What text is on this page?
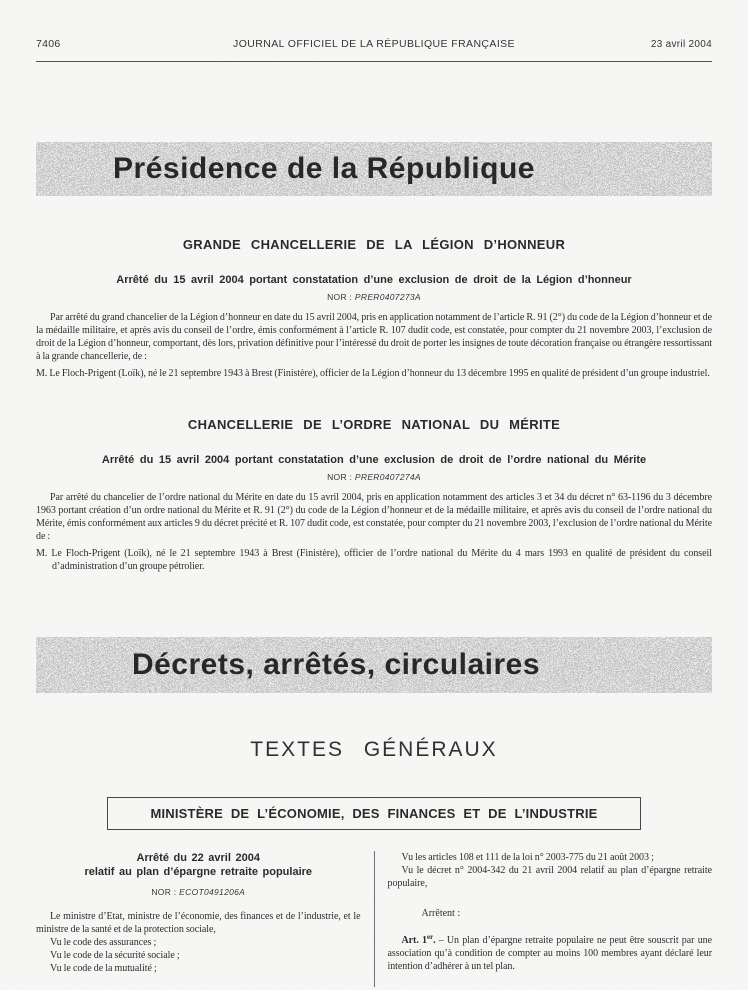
7406	JOURNAL OFFICIEL DE LA RÉPUBLIQUE FRANÇAISE	23 avril 2004
Présidence de la République

GRANDE CHANCELLERIE DE LA LÉGION D’HONNEUR

Arrêté du 15 avril 2004 portant constatation d’une exclusion de droit de la Légion d’honneur

NOR : PRER0407273A

Par arrêté du grand chancelier de la Légion d’honneur en date du 15 avril 2004, pris en application notamment de l’article R. 91 (2°) du code de la Légion d’honneur et de la médaille militaire, et après avis du conseil de l’ordre, émis conformément à l’article R. 107 dudit code, est constatée, pour compter du 21 novembre 2003, l’exclusion de droit de la Légion d’honneur, comportant, dès lors, privation définitive pour l’intéressé du droit de porter les insignes de toute décoration française ou étrangère ressortissant à la grande chancellerie, de :

M. Le Floch-Prigent (Loïk), né le 21 septembre 1943 à Brest (Finistère), officier de la Légion d’honneur du 13 décembre 1995 en qualité de président d’un groupe industriel.

CHANCELLERIE DE L’ORDRE NATIONAL DU MÉRITE

Arrêté du 15 avril 2004 portant constatation d’une exclusion de droit de l’ordre national du Mérite

NOR : PRER0407274A

Par arrêté du chancelier de l’ordre national du Mérite en date du 15 avril 2004, pris en application notamment des articles 3 et 34 du décret n° 63-1196 du 3 décembre 1963 portant création d’un ordre national du Mérite et R. 91 (2°) du code de la Légion d’honneur et de la médaille militaire, et après avis du conseil de l’ordre national du Mérite, émis conformément aux articles 9 du décret précité et R. 107 dudit code, est constatée, pour compter du 21 novembre 2003, l’exclusion de l’ordre national du Mérite de :

M. Le Floch-Prigent (Loïk), né le 21 septembre 1943 à Brest (Finistère), officier de l’ordre national du Mérite du 4 mars 1993 en qualité de président du conseil d’administration d’un groupe pétrolier.

Décrets, arrêtés, circulaires

TEXTES GÉNÉRAUX

MINISTÈRE DE L’ÉCONOMIE, DES FINANCES ET DE L’INDUSTRIE

Arrêté du 22 avril 2004
relatif au plan d’épargne retraite populaire

NOR : ECOT0491206A

Le ministre d’Etat, ministre de l’économie, des finances et de l’industrie, et le ministre de la santé et de la protection sociale,

Vu le code des assurances ;

Vu le code de la sécurité sociale ;

Vu le code de la mutualité ;

Vu les articles 108 et 111 de la loi n° 2003-775 du 21 août 2003 ;

Vu le décret n° 2004-342 du 21 avril 2004 relatif au plan d’épargne retraite populaire,

Arrêtent :

Art. 1er. – Un plan d’épargne retraite populaire ne peut être souscrit par une association qu’à condition de compter au moins 100 membres ayant déclaré leur intention d’adhérer à un tel plan.
